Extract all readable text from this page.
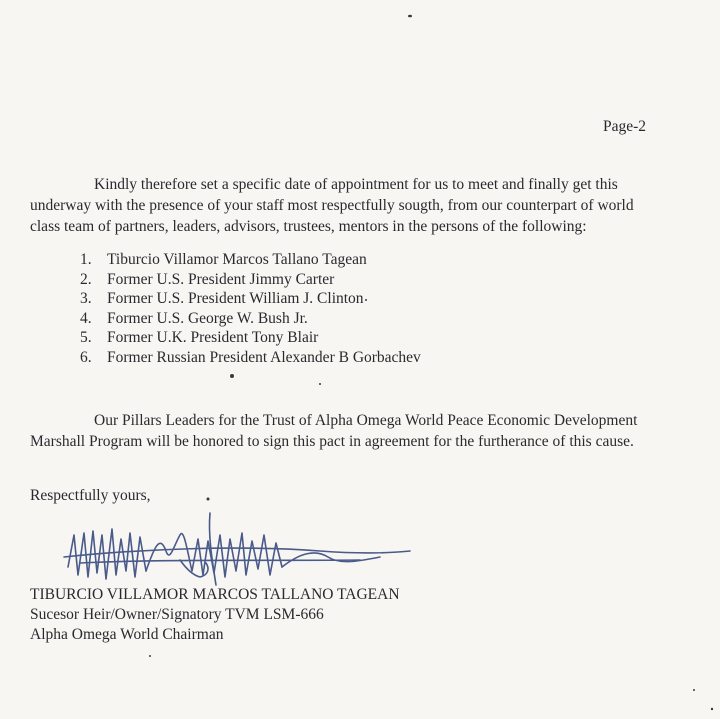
Page-2
Kindly therefore set a specific date of appointment for us to meet and finally get this
underway with the presence of your staff most respectfully sougth, from our counterpart of world
class team of partners, leaders, advisors, trustees, mentors in the persons of the following:
1. Tiburcio Villamor Marcos Tallano Tagean
2. Former U.S. President Jimmy Carter
3. Former U.S. President William J. Clinton
4. Former U.S. George W. Bush Jr.
5. Former U.K. President Tony Blair
6. Former Russian President Alexander B Gorbachev
Our Pillars Leaders for the Trust of Alpha Omega World Peace Economic Development
Marshall Program will be honored to sign this pact in agreement for the furtherance of this cause.
Respectfully yours,
TIBURCIO VILLAMOR MARCOS TALLANO TAGEAN
Sucesor Heir/Owner/Signatory TVM LSM-666
Alpha Omega World Chairman
